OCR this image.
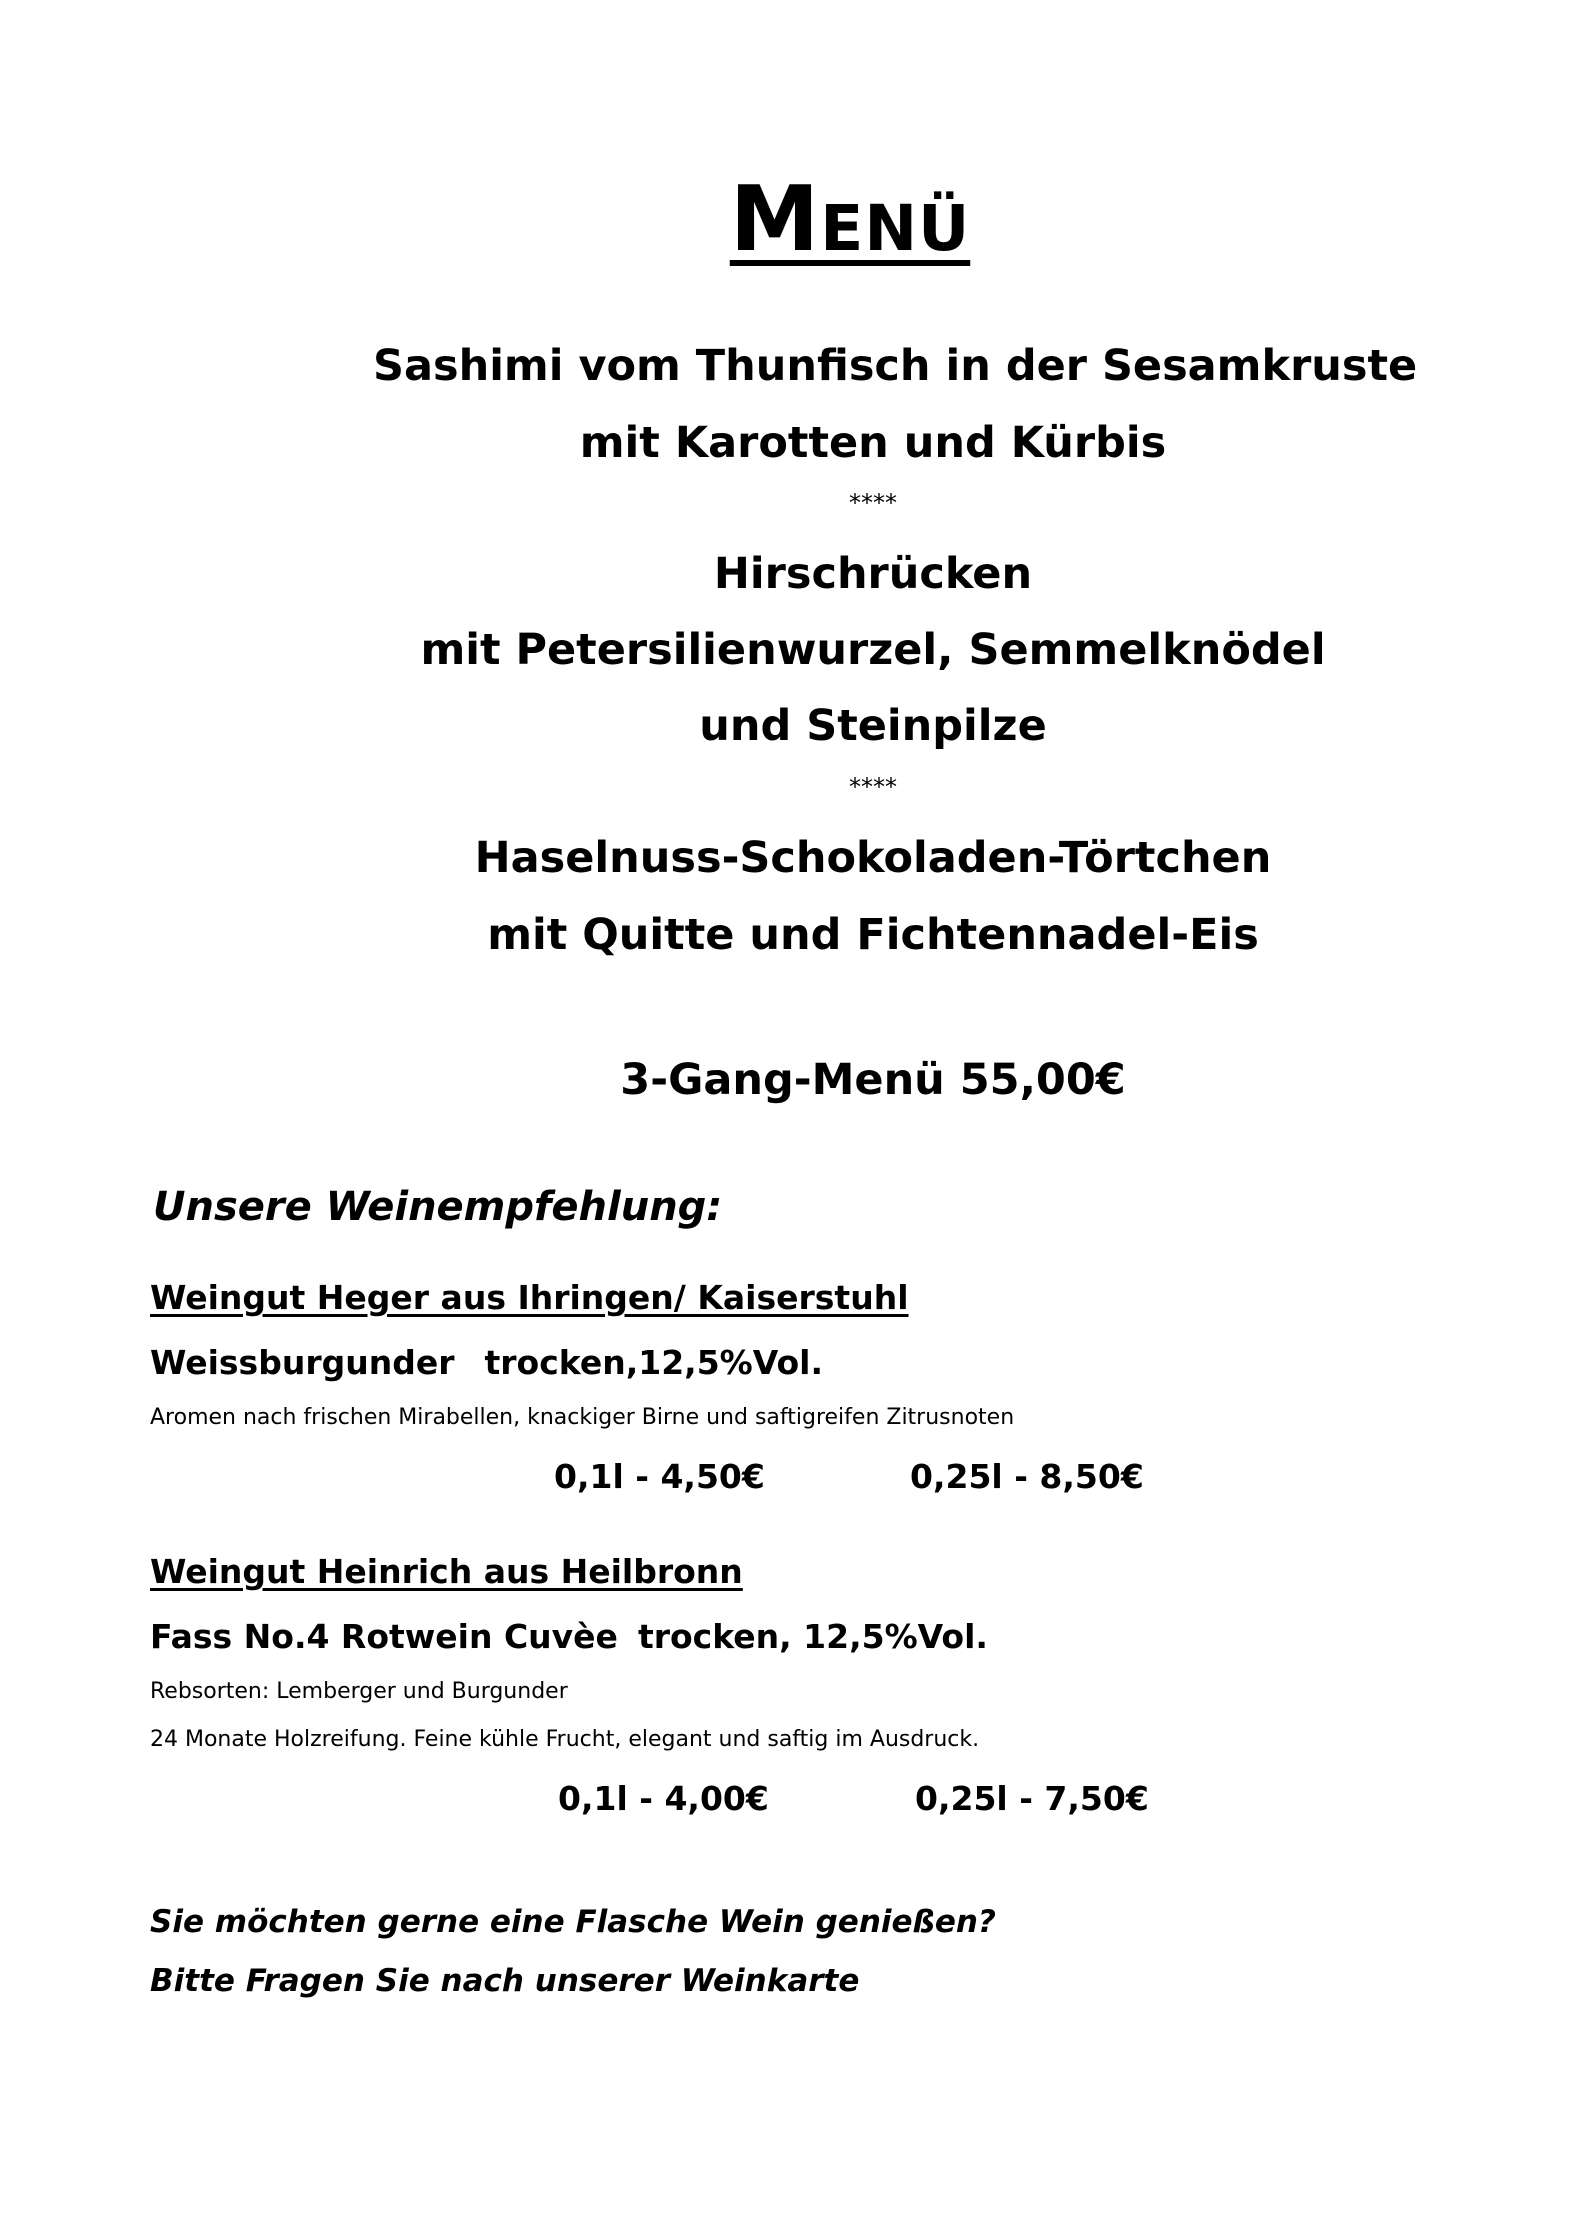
Menü

Sashimi vom Thunfisch in der Sesamkruste

mit Karotten und Kürbis

****

Hirschrücken

mit Petersilienwurzel, Semmelknödel

und Steinpilze

****

Haselnuss-Schokoladen-Törtchen

mit Quitte und Fichtennadel-Eis

3-Gang-Menü 55,00€

Unsere Weinempfehlung:

Weingut Heger aus Ihringen/ Kaiserstuhl

Weissburgunder trocken,12,5%Vol.

Aromen nach frischen Mirabellen, knackiger Birne und saftigreifen Zitrusnoten

0,1l - 4,50€	0,25l - 8,50€

Weingut Heinrich aus Heilbronn

Fass No.4 Rotwein Cuvèe trocken, 12,5%Vol.

Rebsorten: Lemberger und Burgunder

24 Monate Holzreifung. Feine kühle Frucht, elegant und saftig im Ausdruck.

0,1l - 4,00€	0,25l - 7,50€

Sie möchten gerne eine Flasche Wein genießen?

Bitte Fragen Sie nach unserer Weinkarte
